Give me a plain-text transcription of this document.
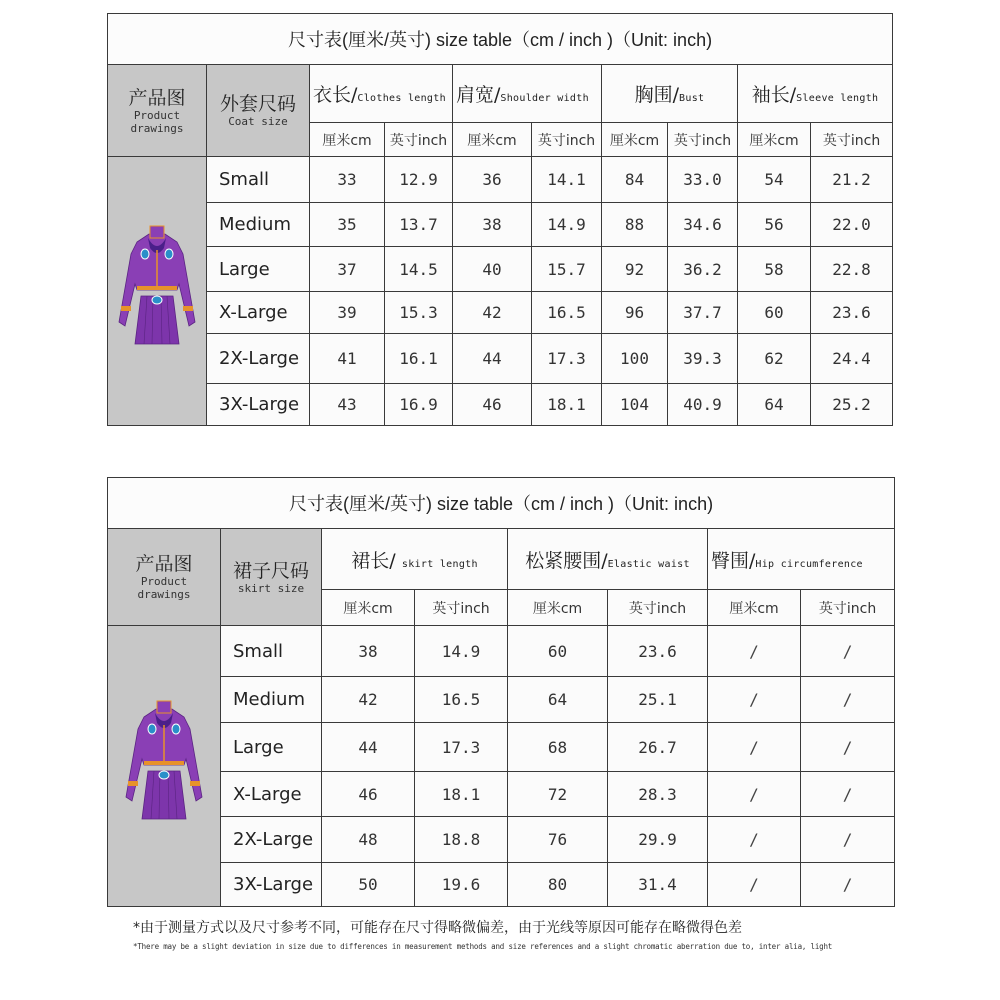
尺寸表(厘米/英寸) size table（cm / inch )（Unit: inch)									

产品图
Product
drawings	外套尺码
Coat size	衣长/Clothes length		肩宽/Shoulder width		胸围/Bust		袖长/Sleeve length	
		厘米cm	英寸inch	厘米cm	英寸inch	厘米cm	英寸inch	厘米cm	英寸inch
	Small	33	12.9	36	14.1	84	33.0	54	21.2
	Medium	35	13.7	38	14.9	88	34.6	56	22.0
	Large	37	14.5	40	15.7	92	36.2	58	22.8
	X-Large	39	15.3	42	16.5	96	37.7	60	23.6
	2X-Large	41	16.1	44	17.3	100	39.3	62	24.4
	3X-Large	43	16.9	46	18.1	104	40.9	64	25.2
尺寸表(厘米/英寸) size table（cm / inch )（Unit: inch)							

产品图
Product
drawings	裙子尺码
skirt size	裙长/ skirt length		松紧腰围/Elastic waist		臀围/Hip circumference	
		厘米cm	英寸inch	厘米cm	英寸inch	厘米cm	英寸inch
	Small	38	14.9	60	23.6	/	/
	Medium	42	16.5	64	25.1	/	/
	Large	44	17.3	68	26.7	/	/
	X-Large	46	18.1	72	28.3	/	/
	2X-Large	48	18.8	76	29.9	/	/
	3X-Large	50	19.6	80	31.4	/	/
*由于测量方式以及尺寸参考不同，可能存在尺寸得略微偏差，由于光线等原因可能存在略微得色差
*There may be a slight deviation in size due to differences in measurement methods and size references and a slight chromatic aberration due to, inter alia, light
